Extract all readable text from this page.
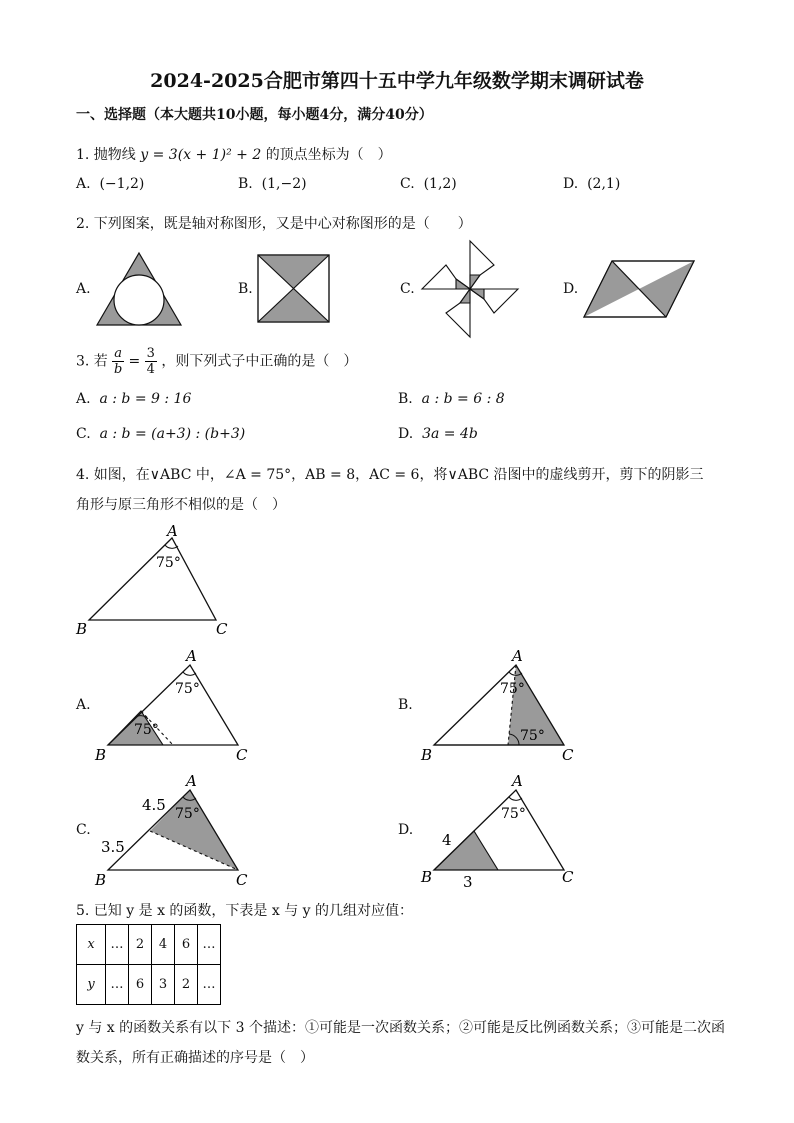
2024-2025合肥市第四十五中学九年级数学期末调研试卷
一、选择题（本大题共10小题，每小题4分，满分40分）
1. 抛物线 y = 3(x + 1)² + 2 的顶点坐标为（　）
A. (−1,2)	B. (1,−2)	C. (1,2)	D. (2,1)
2. 下列图案，既是轴对称图形，又是中心对称图形的是（　　）
A.	B.	C.	D.
3. 若 $\frac{a}{b} = \frac{3}{4}$ ，则下列式子中正确的是（　）
A. a : b = 9 : 16	B. a : b = 6 : 8
C. a : b = (a+3) : (b+3)	D. 3a = 4b
4. 如图，在∨ABC 中，∠A = 75°，AB = 8，AC = 6，将∨ABC 沿图中的虚线剪开，剪下的阴影三
角形与原三角形不相似的是（　）
A
75°
B	C
A.	B.
C.	D.
A
75°
75°
B	C
A
75°
75°
B	C
A
75°
4.5
3.5
B	C
A
75°
4
3
B	C
5. 已知 y 是 x 的函数，下表是 x 与 y 的几组对应值：
x	…	2	4	6	…
y	…	6	3	2	…
y 与 x 的函数关系有以下 3 个描述：①可能是一次函数关系；②可能是反比例函数关系；③可能是二次函
数关系，所有正确描述的序号是（　）
